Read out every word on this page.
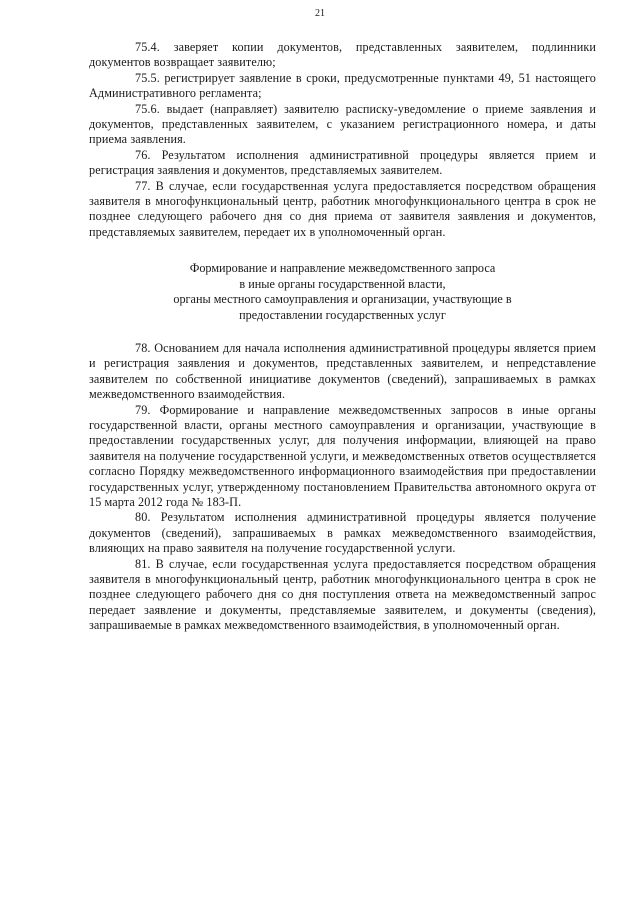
21

75.4. заверяет копии документов, представленных заявителем, подлинники документов возвращает заявителю;

75.5. регистрирует заявление в сроки, предусмотренные пунктами 49, 51 настоящего Административного регламента;

75.6. выдает (направляет) заявителю расписку-уведомление о приеме заявления и документов, представленных заявителем, с указанием регистрационного номера, и даты приема заявления.

76. Результатом исполнения административной процедуры является прием и регистрация заявления и документов, представляемых заявителем.

77. В случае, если государственная услуга предоставляется посредством обращения заявителя в многофункциональный центр, работник многофункционального центра в срок не позднее следующего рабочего дня со дня приема от заявителя заявления и документов, представляемых заявителем, передает их в уполномоченный орган.

Формирование и направление межведомственного запроса
в иные органы государственной власти,
органы местного самоуправления и организации, участвующие в
предоставлении государственных услуг

78. Основанием для начала исполнения административной процедуры является прием и регистрация заявления и документов, представленных заявителем, и непредставление заявителем по собственной инициативе документов (сведений), запрашиваемых в рамках межведомственного взаимодействия.

79. Формирование и направление межведомственных запросов в иные органы государственной власти, органы местного самоуправления и организации, участвующие в предоставлении государственных услуг, для получения информации, влияющей на право заявителя на получение государственной услуги, и межведомственных ответов осуществляется согласно Порядку межведомственного информационного взаимодействия при предоставлении государственных услуг, утвержденному постановлением Правительства автономного округа от 15 марта 2012 года № 183-П.

80. Результатом исполнения административной процедуры является получение документов (сведений), запрашиваемых в рамках межведомственного взаимодействия, влияющих на право заявителя на получение государственной услуги.

81. В случае, если государственная услуга предоставляется посредством обращения заявителя в многофункциональный центр, работник многофункционального центра в срок не позднее следующего рабочего дня со дня поступления ответа на межведомственный запрос передает заявление и документы, представляемые заявителем, и документы (сведения), запрашиваемые в рамках межведомственного взаимодействия, в уполномоченный орган.
